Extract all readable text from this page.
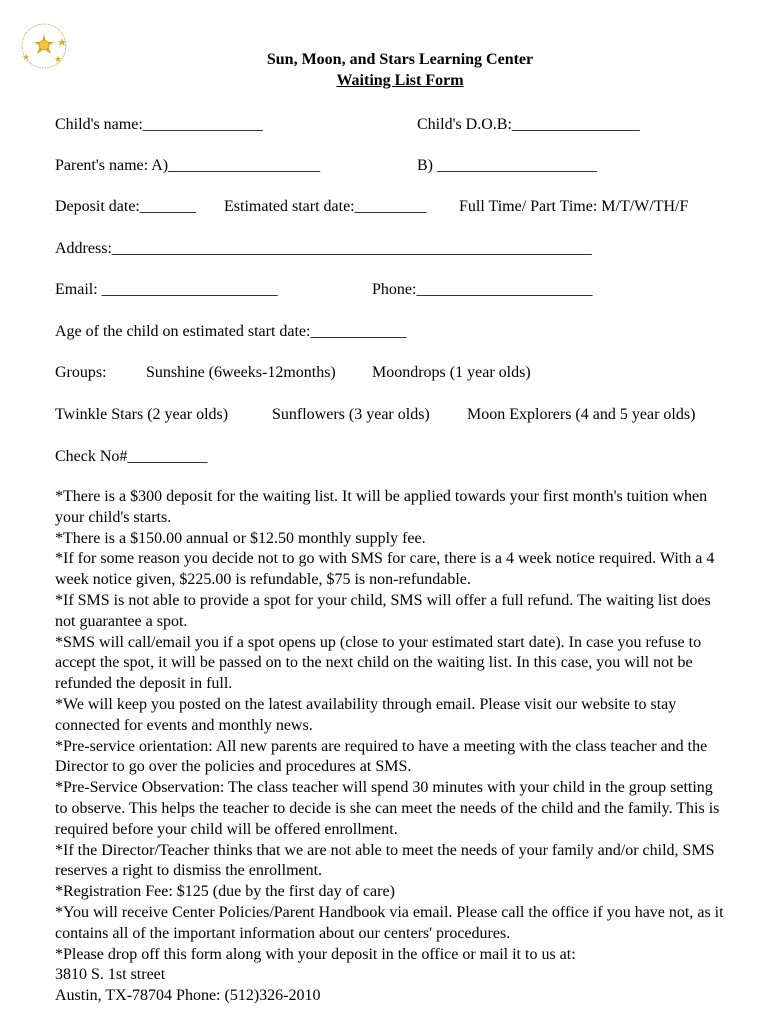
Sun, Moon, and Stars Learning Center
Waiting List Form
Child's name:_______________	Child's D.O.B:________________
Parent's name: A)___________________	B) ____________________
Deposit date:_______ Estimated start date:_________ Full Time/ Part Time: M/T/W/TH/F
Address:____________________________________________________________
Email: ______________________	Phone:______________________
Age of the child on estimated start date:____________
Groups: Sunshine (6weeks-12months) Moondrops (1 year olds)
Twinkle Stars (2 year olds)	Sunflowers (3 year olds) Moon Explorers (4 and 5 year olds)
Check No#__________

*There is a $300 deposit for the waiting list. It will be applied towards your first month's tuition when your child's starts.

*There is a $150.00 annual or $12.50 monthly supply fee.

*If for some reason you decide not to go with SMS for care, there is a 4 week notice required. With a 4 week notice given, $225.00 is refundable, $75 is non-refundable.

*If SMS is not able to provide a spot for your child, SMS will offer a full refund. The waiting list does not guarantee a spot.

*SMS will call/email you if a spot opens up (close to your estimated start date). In case you refuse to accept the spot, it will be passed on to the next child on the waiting list. In this case, you will not be refunded the deposit in full.

*We will keep you posted on the latest availability through email. Please visit our website to stay connected for events and monthly news.

*Pre-service orientation: All new parents are required to have a meeting with the class teacher and the Director to go over the policies and procedures at SMS.

*Pre-Service Observation: The class teacher will spend 30 minutes with your child in the group setting to observe. This helps the teacher to decide is she can meet the needs of the child and the family. This is required before your child will be offered enrollment.

*If the Director/Teacher thinks that we are not able to meet the needs of your family and/or child, SMS reserves a right to dismiss the enrollment.

*Registration Fee: $125 (due by the first day of care)

*You will receive Center Policies/Parent Handbook via email. Please call the office if you have not, as it contains all of the important information about our centers' procedures.

*Please drop off this form along with your deposit in the office or mail it to us at:

3810 S. 1st street

Austin, TX-78704 Phone: (512)326-2010
